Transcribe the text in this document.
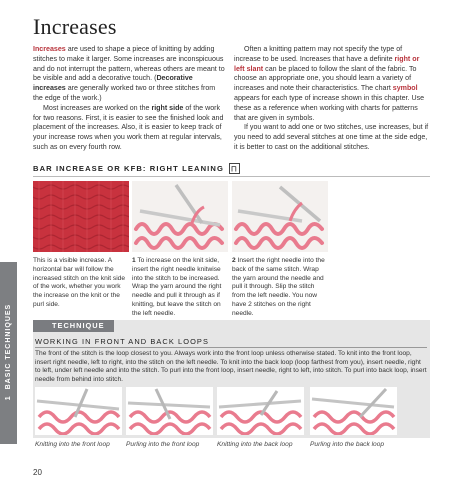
Increases

Increases are used to shape a piece of knitting by adding stitches to make it larger. Some increases are inconspicuous and do not interrupt the pattern, whereas others are meant to be visible and add a decorative touch. (Decorative increases are generally worked two or three stitches from the edge of the work.)

Most increases are worked on the right side of the work for two reasons. First, it is easier to see the finished look and placement of the increases. Also, it is easier to keep track of your increase rows when you work them at regular intervals, such as on every fourth row.

Often a knitting pattern may not specify the type of increase to be used. Increases that have a definite right or left slant can be placed to follow the slant of the fabric. To choose an appropriate one, you should learn a variety of increases and note their characteristics. The chart symbol appears for each type of increase shown in this chapter. Use these as a reference when working with charts for patterns that are given in symbols.

If you want to add one or two stitches, use increases, but if you need to add several stitches at one time at the side edge, it is better to cast on the additional stitches.

BAR INCREASE OR KFB: RIGHT LEANING
This is a visible increase. A horizontal bar will follow the increased stitch on the knit side of the work, whether you work the increase on the knit or the purl side.
1 To increase on the knit side, insert the right needle knitwise into the stitch to be increased. Wrap the yarn around the right needle and pull it through as if knitting, but leave the stitch on the left needle.
2 Insert the right needle into the back of the same stitch. Wrap the yarn around the needle and pull it through. Slip the stitch from the left needle. You now have 2 stitches on the right needle.
1

BASIC TECHNIQUES	TECHNIQUE
WORKING IN FRONT AND BACK LOOPS
The front of the stitch is the loop closest to you. Always work into the front loop unless otherwise stated. To knit into the front loop, insert right needle, left to right, into the stitch on the left needle. To knit into the back loop (loop farthest from you), insert needle, right to left, under left needle and into the stitch. To purl into the front loop, insert needle, right to left, into stitch. To purl into back loop, insert needle from behind into stitch.
Knitting into the front loop	Purling into the front loop	Knitting into the back loop	Purling into the back loop
20
